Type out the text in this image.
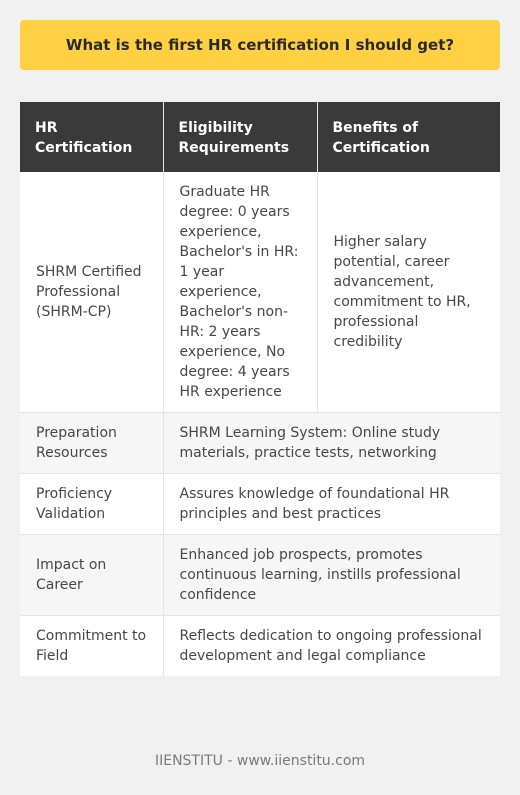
What is the first HR certification I should get?
HR Certification	Eligibility Requirements	Benefits of Certification
SHRM Certified Professional (SHRM-CP)	Graduate HR degree: 0 years experience, Bachelor's in HR: 1 year experience, Bachelor's non-HR: 2 years experience, No degree: 4 years HR experience	Higher salary potential, career advancement, commitment to HR, professional credibility
Preparation Resources	SHRM Learning System: Online study materials, practice tests, networking	
Proficiency Validation	Assures knowledge of foundational HR principles and best practices	
Impact on Career	Enhanced job prospects, promotes continuous learning, instills professional confidence	
Commitment to Field	Reflects dedication to ongoing professional development and legal compliance	
IIENSTITU - www.iienstitu.com
